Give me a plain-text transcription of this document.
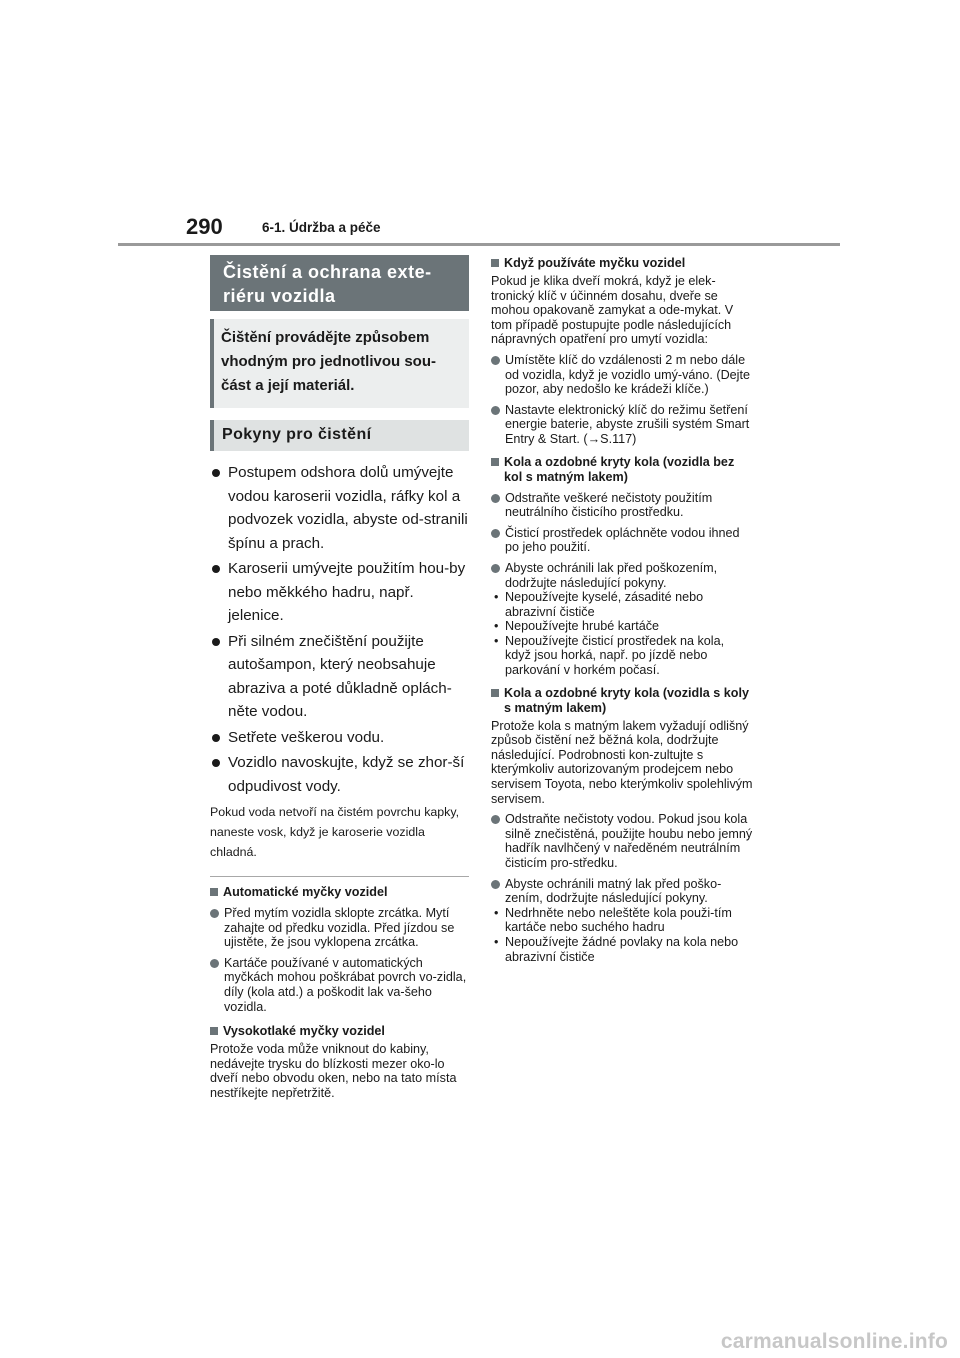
290	6-1. Údržba a péče
Čistění a ochrana exte-
riéru vozidla
Čištění provádějte způsobem vhodným pro jednotlivou sou-část a její materiál.
Pokyny pro čistění
Postupem odshora dolů umývejte vodou karoserii vozidla, ráfky kol a podvozek vozidla, abyste od-stranili špínu a prach.
Karoserii umývejte použitím hou-by nebo měkkého hadru, např. jelenice.
Při silném znečištění použijte autošampon, který neobsahuje abraziva a poté důkladně oplách-něte vodou.
Setřete veškerou vodu.
Vozidlo navoskujte, když se zhor-ší odpudivost vody.
Pokud voda netvoří na čistém povrchu kapky, naneste vosk, když je karoserie vozidla chladná.
Automatické myčky vozidel
Před mytím vozidla sklopte zrcátka. Mytí zahajte od předku vozidla. Před jízdou se ujistěte, že jsou vyklopena zrcátka.
Kartáče používané v automatických myčkách mohou poškrábat povrch vo-zidla, díly (kola atd.) a poškodit lak va-šeho vozidla.
Vysokotlaké myčky vozidel
Protože voda může vniknout do kabiny, nedávejte trysku do blízkosti mezer oko-lo dveří nebo obvodu oken, nebo na tato místa nestříkejte nepřetržitě.
Když používáte myčku vozidel
Pokud je klika dveří mokrá, když je elek-tronický klíč v účinném dosahu, dveře se mohou opakovaně zamykat a ode-mykat. V tom případě postupujte podle následujících nápravných opatření pro umytí vozidla:
Umístěte klíč do vzdálenosti 2 m nebo dále od vozidla, když je vozidlo umý-váno. (Dejte pozor, aby nedošlo ke krádeži klíče.)
Nastavte elektronický klíč do režimu šetření energie baterie, abyste zrušili systém Smart Entry & Start. (→S.117)
Kola a ozdobné kryty kola (vozidla bez kol s matným lakem)
Odstraňte veškeré nečistoty použitím neutrálního čisticího prostředku.
Čisticí prostředek opláchněte vodou ihned po jeho použití.
Abyste ochránili lak před poškozením, dodržujte následující pokyny.
• Nepoužívejte kyselé, zásadité nebo abrazivní čističe
• Nepoužívejte hrubé kartáče
• Nepoužívejte čisticí prostředek na kola, když jsou horká, např. po jízdě nebo parkování v horkém počasí.
Kola a ozdobné kryty kola (vozidla s koly s matným lakem)
Protože kola s matným lakem vyžadují odlišný způsob čistění než běžná kola, dodržujte následující. Podrobnosti kon-zultujte s kterýmkoliv autorizovaným prodejcem nebo servisem Toyota, nebo kterýmkoliv spolehlivým servisem.
Odstraňte nečistoty vodou. Pokud jsou kola silně znečistěná, použijte houbu nebo jemný hadřík navlhčený v naředěném neutrálním čisticím pro-středku.
Abyste ochránili matný lak před poško-zením, dodržujte následující pokyny.
• Nedrhněte nebo neleštěte kola použi-tím kartáče nebo suchého hadru
• Nepoužívejte žádné povlaky na kola nebo abrazivní čističe
carmanualsonline.info
